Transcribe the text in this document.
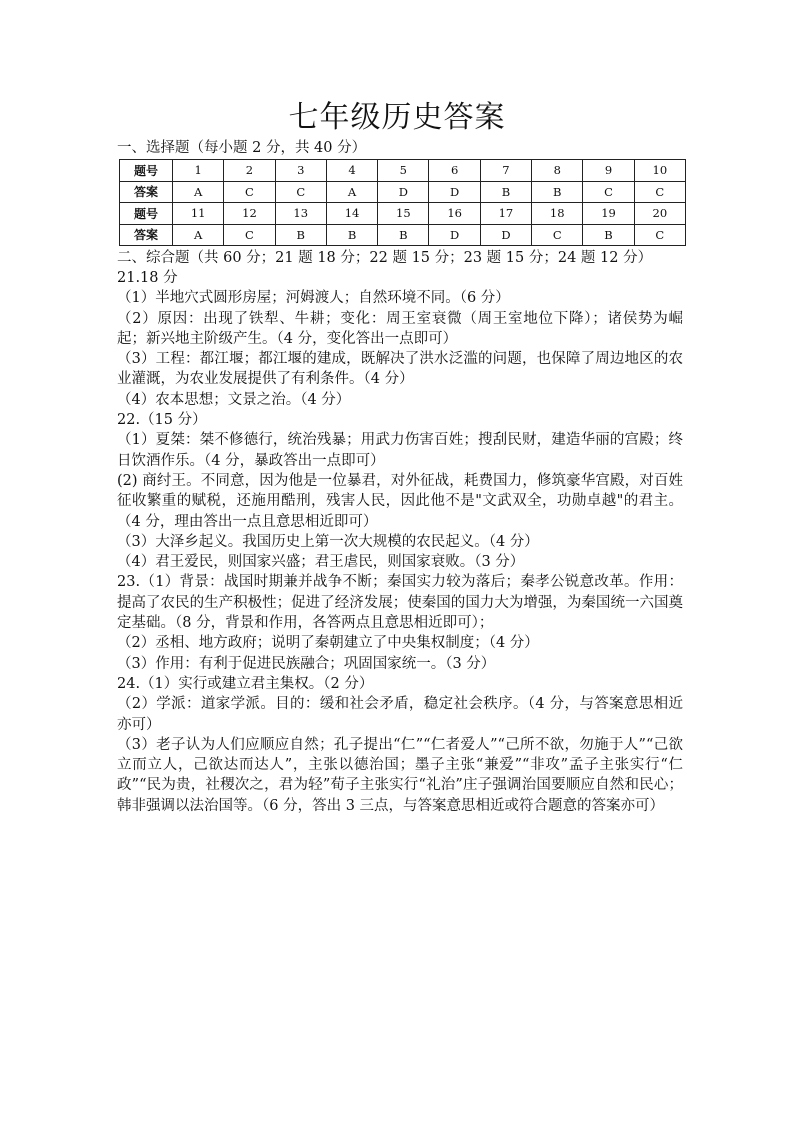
七年级历史答案

一、选择题（每小题 2 分，共 40 分）

题号	1	2	3	4	5	6	7	8	9	10
答案	A	C	C	A	D	D	B	B	C	C
题号	11	12	13	14	15	16	17	18	19	20
答案	A	C	B	B	B	D	D	C	B	C

二、综合题（共 60 分；21 题 18 分；22 题 15 分；23 题 15 分；24 题 12 分）

21.18 分

（1）半地穴式圆形房屋；河姆渡人；自然环境不同。（6 分）

（2）原因：出现了铁犁、牛耕；变化：周王室衰微（周王室地位下降）；诸侯势为崛起；新兴地主阶级产生。（4 分，变化答出一点即可）

（3）工程：都江堰；都江堰的建成，既解决了洪水泛滥的问题，也保障了周边地区的农业灌溉，为农业发展提供了有利条件。（4 分）

（4）农本思想；文景之治。（4 分）

22.（15 分）

（1）夏桀：桀不修德行，统治残暴；用武力伤害百姓；搜刮民财，建造华丽的宫殿；终日饮酒作乐。（4 分，暴政答出一点即可）

(2) 商纣王。不同意，因为他是一位暴君，对外征战，耗费国力，修筑豪华宫殿，对百姓征收繁重的赋税，还施用酷刑，残害人民，因此他不是"文武双全，功勋卓越"的君主。（4 分，理由答出一点且意思相近即可）

（3）大泽乡起义。我国历史上第一次大规模的农民起义。（4 分）

（4）君王爱民，则国家兴盛；君王虐民，则国家衰败。（3 分）

23.（1）背景：战国时期兼并战争不断；秦国实力较为落后；秦孝公锐意改革。作用：提高了农民的生产积极性；促进了经济发展；使秦国的国力大为增强，为秦国统一六国奠定基础。（8 分，背景和作用，各答两点且意思相近即可）；

（2）丞相、地方政府；说明了秦朝建立了中央集权制度；（4 分）

（3）作用：有利于促进民族融合；巩固国家统一。（3 分）

24.（1）实行或建立君主集权。（2 分）

（2）学派：道家学派。目的：缓和社会矛盾，稳定社会秩序。（4 分，与答案意思相近亦可）

（3）老子认为人们应顺应自然；孔子提出“仁”“仁者爱人”“己所不欲，勿施于人”“己欲立而立人，己欲达而达人”，主张以德治国；墨子主张“兼爱”“非攻”孟子主张实行“仁政”“民为贵，社稷次之，君为轻”荀子主张实行“礼治”庄子强调治国要顺应自然和民心；韩非强调以法治国等。（6 分，答出 3 三点，与答案意思相近或符合题意的答案亦可）
